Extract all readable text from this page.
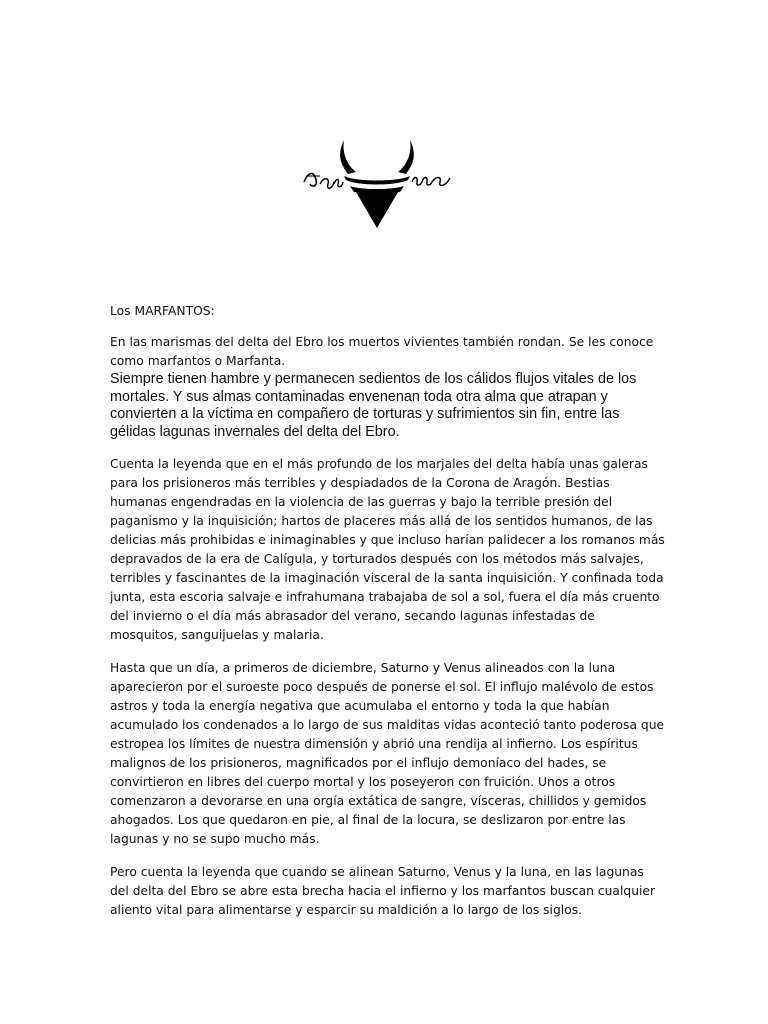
Los MARFANTOS:

En las marismas del delta del Ebro los muertos vivientes también rondan. Se les conoce como marfantos o Marfanta.

Siempre tienen hambre y permanecen sedientos de los cálidos flujos vitales de los mortales. Y sus almas contaminadas envenenan toda otra alma que atrapan y convierten a la víctima en compañero de torturas y sufrimientos sin fin, entre las gélidas lagunas invernales del delta del Ebro.

Cuenta la leyenda que en el más profundo de los marjales del delta había unas galeras para los prisioneros más terribles y despiadados de la Corona de Aragón. Bestias humanas engendradas en la violencia de las guerras y bajo la terrible presión del paganismo y la inquisición; hartos de placeres más allá de los sentidos humanos, de las delicias más prohibidas e inimaginables y que incluso harían palidecer a los romanos más depravados de la era de Calígula, y torturados después con los métodos más salvajes, terribles y fascinantes de la imaginación visceral de la santa inquisición. Y confinada toda junta, esta escoria salvaje e infrahumana trabajaba de sol a sol, fuera el día más cruento del invierno o el día más abrasador del verano, secando lagunas infestadas de mosquitos, sanguijuelas y malaria.

Hasta que un día, a primeros de diciembre, Saturno y Venus alineados con la luna aparecieron por el suroeste poco después de ponerse el sol. El influjo malévolo de estos astros y toda la energía negativa que acumulaba el entorno y toda la que habían acumulado los condenados a lo largo de sus malditas vidas aconteció tanto poderosa que estropea los límites de nuestra dimensión y abrió una rendija al infierno. Los espíritus malignos de los prisioneros, magnificados por el influjo demoníaco del hades, se convirtieron en libres del cuerpo mortal y los poseyeron con fruición. Unos a otros comenzaron a devorarse en una orgía extática de sangre, vísceras, chillidos y gemidos ahogados. Los que quedaron en pie, al final de la locura, se deslizaron por entre las lagunas y no se supo mucho más.

Pero cuenta la leyenda que cuando se alinean Saturno, Venus y la luna, en las lagunas del delta del Ebro se abre esta brecha hacia el infierno y los marfantos buscan cualquier aliento vital para alimentarse y esparcir su maldición a lo largo de los siglos.
